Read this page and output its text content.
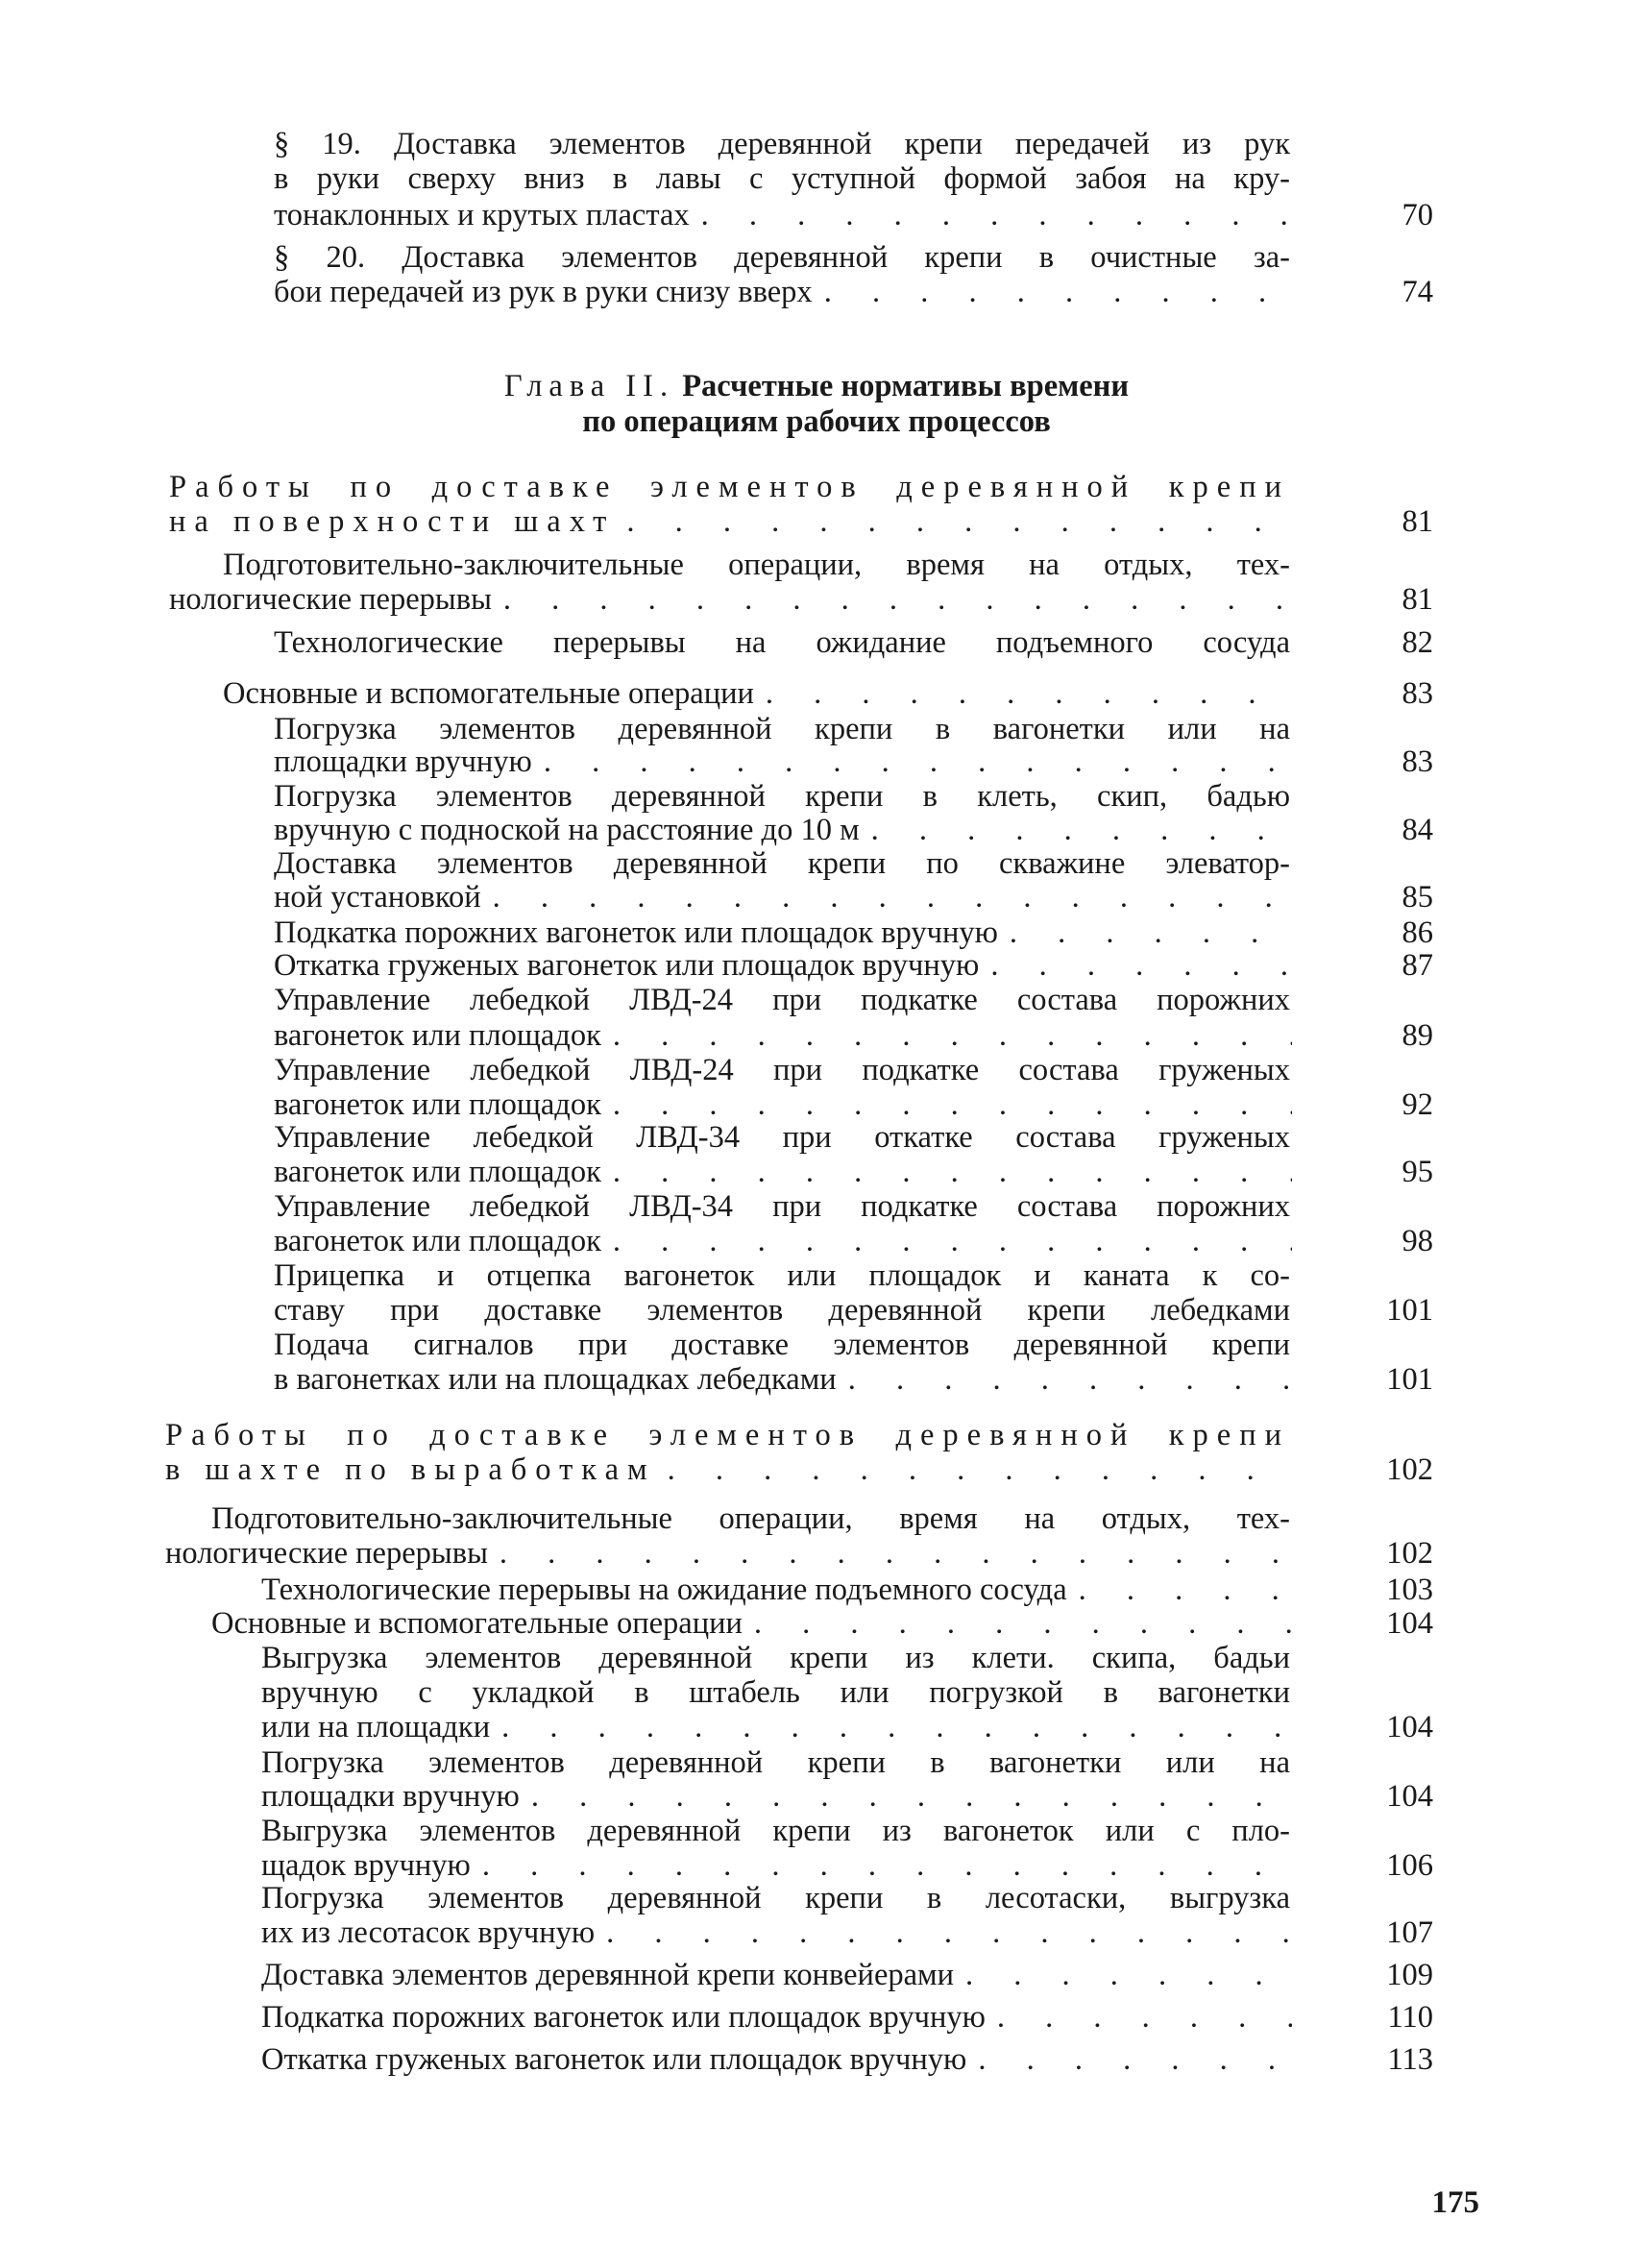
§ 19. Доставка элементов деревянной крепи передачей из рук
в руки сверху вниз в лавы с уступной формой забоя на кру-
тонаклонных и крутых пластах . . .	70
§ 20. Доставка элементов деревянной крепи в очистные за-
бои передачей из рук в руки снизу вверх . . .	74
Глава II. Расчетные нормативы времени
по операциям рабочих процессов
Работы по доставке элементов деревянной крепи
на поверхности шахт . . .	81
Подготовительно-заключительные операции, время на отдых, тех-
нологические перерывы . . .	81
Технологические перерывы на ожидание подъемного сосуда	82
Основные и вспомогательные операции . . .	83
Погрузка элементов деревянной крепи в вагонетки или на
площадки вручную . . .	83
Погрузка элементов деревянной крепи в клеть, скип, бадью
вручную с подноской на расстояние до 10 м . . .	84
Доставка элементов деревянной крепи по скважине элеватор-
ной установкой . . .	85
Подкатка порожних вагонеток или площадок вручную . . .	86
Откатка груженых вагонеток или площадок вручную . . .	87
Управление лебедкой ЛВД-24 при подкатке состава порожних
вагонеток или площадок . . .	89
Управление лебедкой ЛВД-24 при подкатке состава груженых
вагонеток или площадок . . .	92
Управление лебедкой ЛВД-34 при откатке состава груженых
вагонеток или площадок . . .	95
Управление лебедкой ЛВД-34 при подкатке состава порожних
вагонеток или площадок . . .	98
Прицепка и отцепка вагонеток или площадок и каната к со-
ставу при доставке элементов деревянной крепи лебедками	101
Подача сигналов при доставке элементов деревянной крепи
в вагонетках или на площадках лебедками . . .	101
Работы по доставке элементов деревянной крепи
в шахте по выработкам . . .	102
Подготовительно-заключительные операции, время на отдых, тех-
нологические перерывы . . .	102
Технологические перерывы на ожидание подъемного сосуда . . .	103
Основные и вспомогательные операции . . .	104
Выгрузка элементов деревянной крепи из клети. скипа, бадьи
вручную с укладкой в штабель или погрузкой в вагонетки
или на площадки . . .	104
Погрузка элементов деревянной крепи в вагонетки или на
площадки вручную . . .	104
Выгрузка элементов деревянной крепи из вагонеток или с пло-
щадок вручную . . .	106
Погрузка элементов деревянной крепи в лесотаски, выгрузка
их из лесотасок вручную . . .	107
Доставка элементов деревянной крепи конвейерами . . .	109
Подкатка порожних вагонеток или площадок вручную . . .	110
Откатка груженых вагонеток или площадок вручную . . .	113
175
